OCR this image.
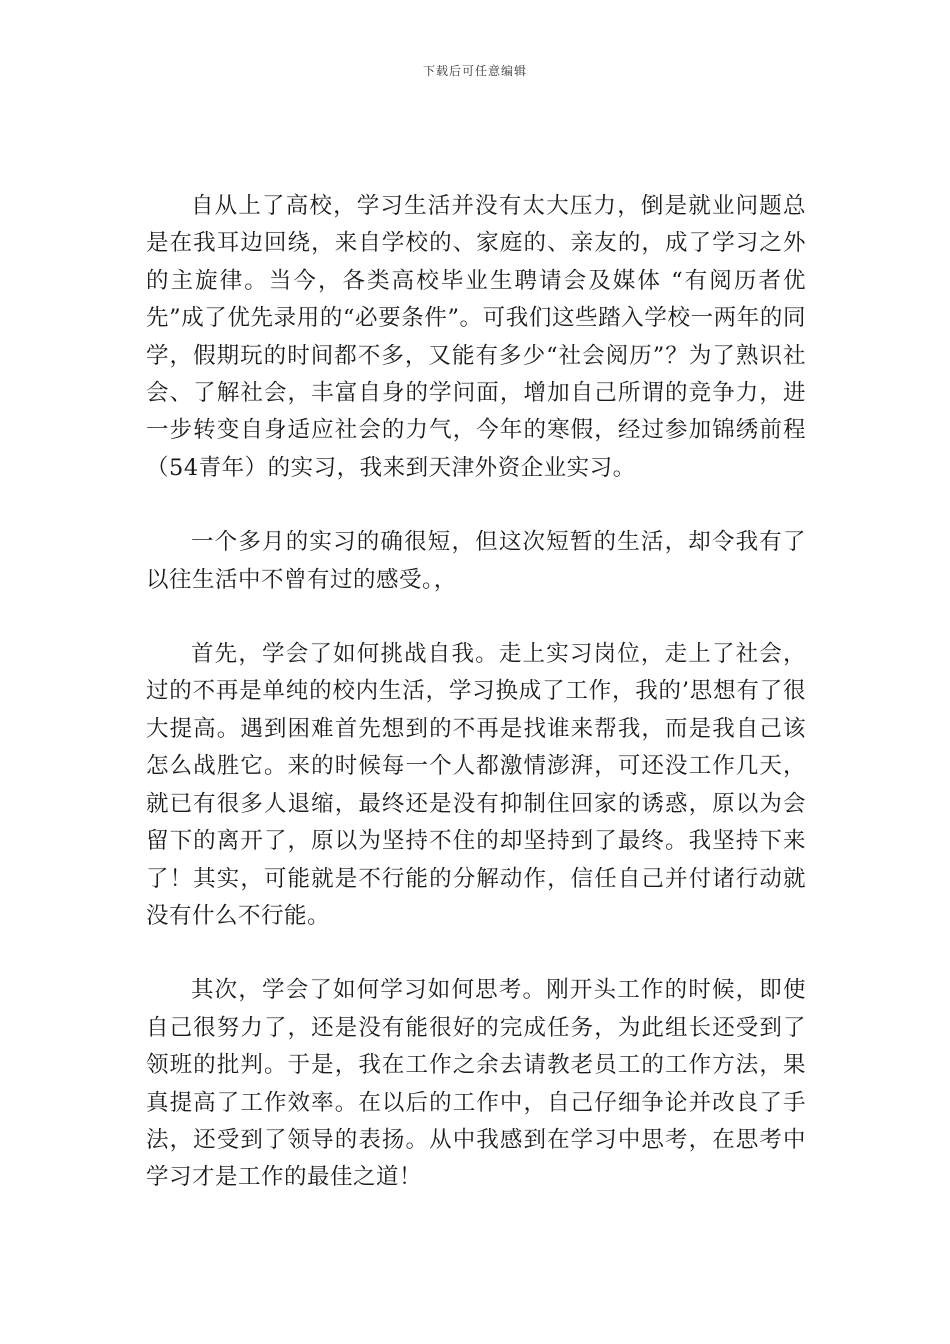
下载后可任意编辑

自从上了高校，学习生活并没有太大压力，倒是就业问题总是在我耳边回绕，来自学校的、家庭的、亲友的，成了学习之外的主旋律。当今，各类高校毕业生聘请会及媒体 “有阅历者优先”成了优先录用的“必要条件”。可我们这些踏入学校一两年的同学，假期玩的时间都不多，又能有多少“社会阅历”？为了熟识社会、了解社会，丰富自身的学问面，增加自己所谓的竞争力，进一步转变自身适应社会的力气，今年的寒假，经过参加锦绣前程（54青年）的实习，我来到天津外资企业实习。

一个多月的实习的确很短，但这次短暂的生活，却令我有了以往生活中不曾有过的感受。，

首先，学会了如何挑战自我。走上实习岗位，走上了社会，过的不再是单纯的校内生活，学习换成了工作，我的’思想有了很大提高。遇到困难首先想到的不再是找谁来帮我，而是我自己该怎么战胜它。来的时候每一个人都激情澎湃，可还没工作几天，就已有很多人退缩，最终还是没有抑制住回家的诱惑，原以为会留下的离开了，原以为坚持不住的却坚持到了最终。我坚持下来了！其实，可能就是不行能的分解动作，信任自己并付诸行动就没有什么不行能。

其次，学会了如何学习如何思考。刚开头工作的时候，即使自己很努力了，还是没有能很好的完成任务，为此组长还受到了领班的批判。于是，我在工作之余去请教老员工的工作方法，果真提高了工作效率。在以后的工作中，自己仔细争论并改良了手法，还受到了领导的表扬。从中我感到在学习中思考，在思考中学习才是工作的最佳之道！
